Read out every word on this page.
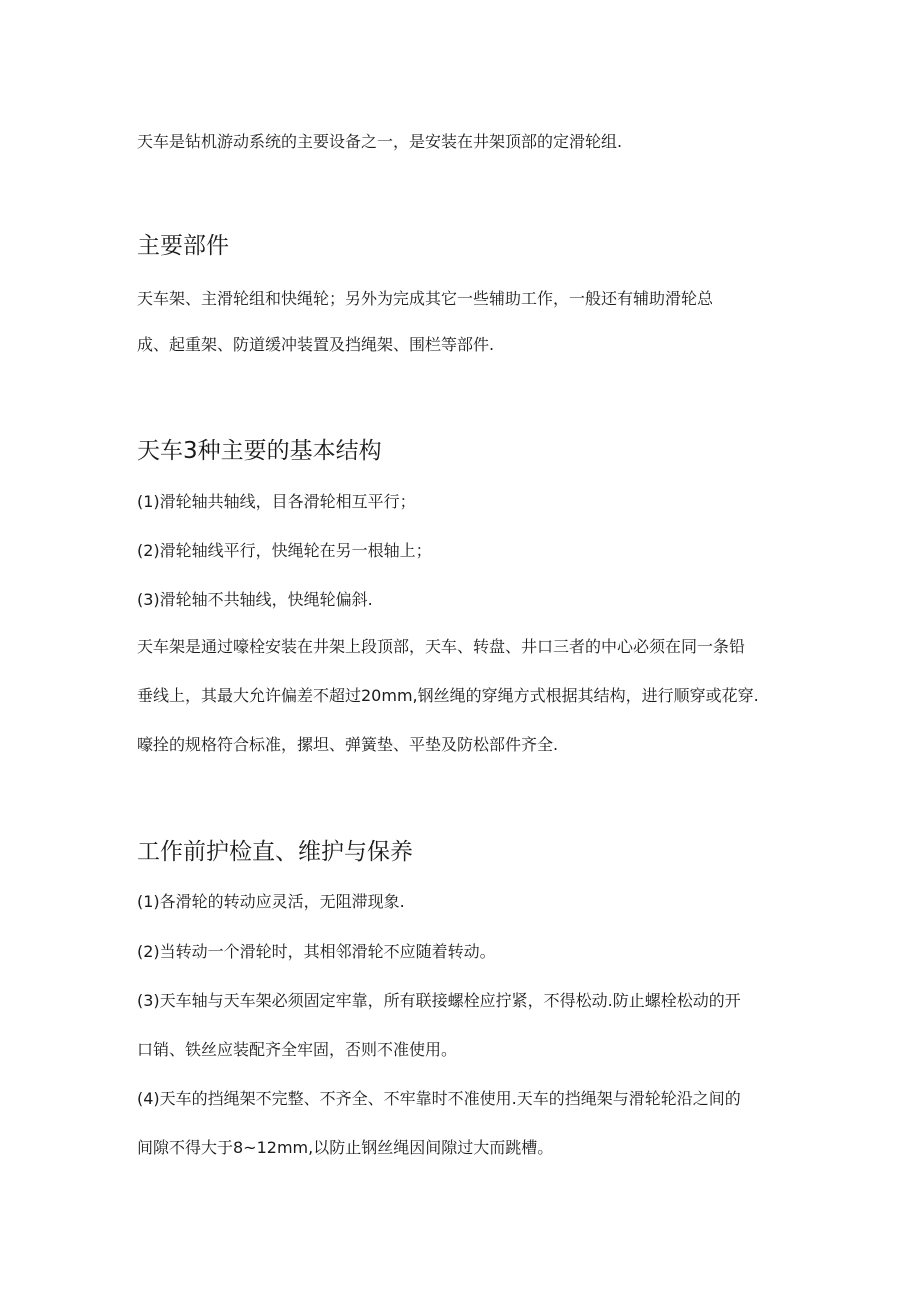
天车是钻机游动系统的主要设备之一，是安装在井架顶部的定滑轮组.
主要部件
天车架、主滑轮组和快绳轮；另外为完成其它一些辅助工作，一般还有辅助滑轮总
成、起重架、防道缓冲装置及挡绳架、围栏等部件.
天车3种主要的基本结构
(1)滑轮轴共轴线，目各滑轮相互平行；
(2)滑轮轴线平行，快绳轮在另一根轴上；
(3)滑轮轴不共轴线，快绳轮偏斜.
天车架是通过嚎栓安装在井架上段顶部，天车、转盘、井口三者的中心必须在同一条铅
垂线上，其最大允许偏差不超过20mm,钢丝绳的穿绳方式根据其结构，进行顺穿或花穿.
嚎拴的规格符合标准，摞坦、弹簧垫、平垫及防松部件齐全.
工作前护检直、维护与保养
(1)各滑轮的转动应灵活，无阻滞现象.
(2)当转动一个滑轮时，其相邻滑轮不应随着转动。
(3)天车轴与天车架必须固定牢靠，所有联接螺栓应拧紧，不得松动.防止螺栓松动的开
口销、铁丝应装配齐全牢固，否则不准使用。
(4)天车的挡绳架不完整、不齐全、不牢靠时不准使用.天车的挡绳架与滑轮轮沿之间的
间隙不得大于8~12mm,以防止钢丝绳因间隙过大而跳槽。
